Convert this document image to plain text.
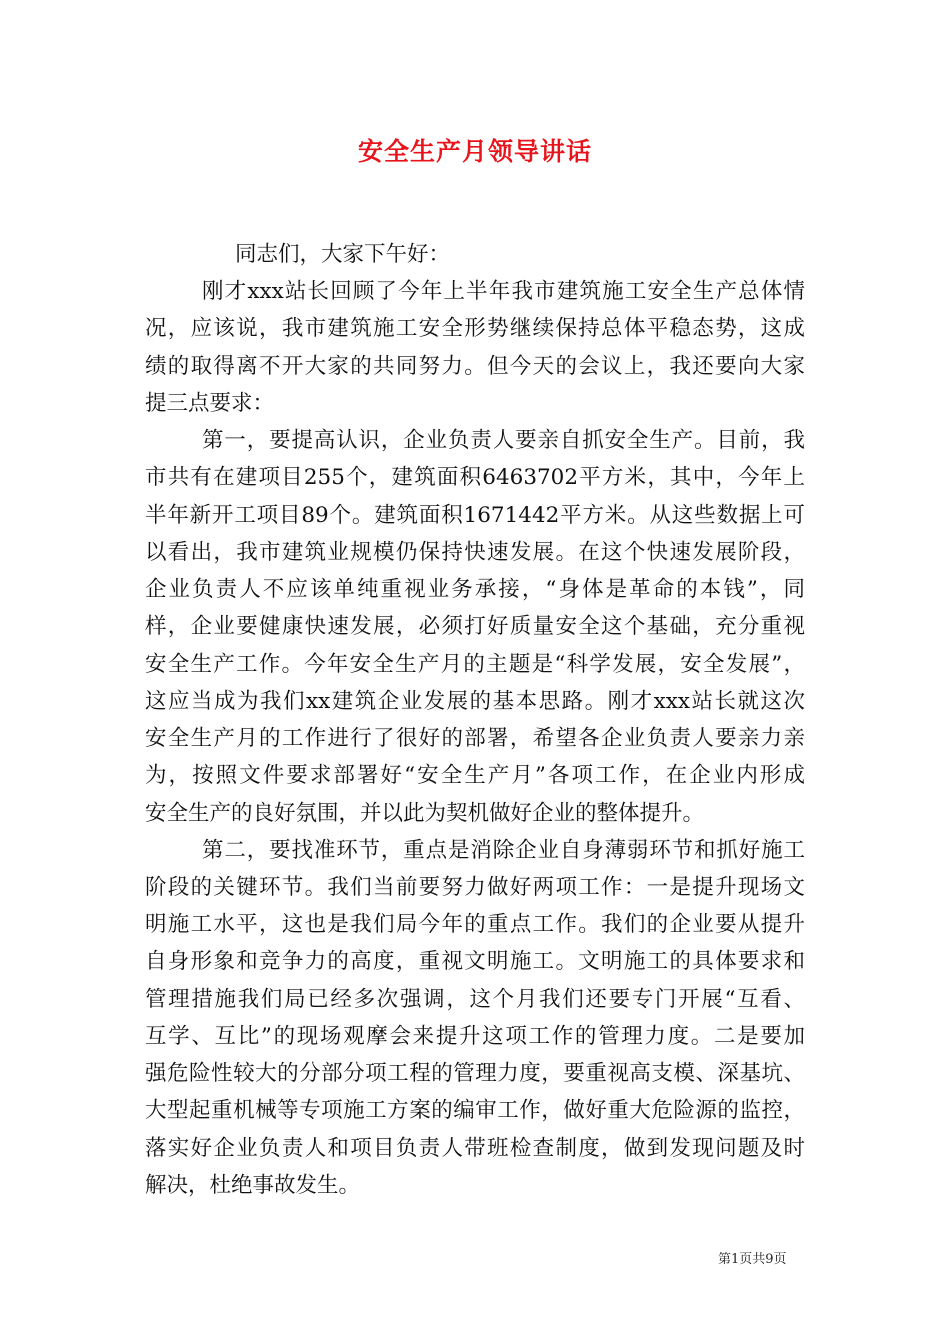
安全生产月领导讲话
同志们，大家下午好：
刚才xxx站长回顾了今年上半年我市建筑施工安全生产总体情
况，应该说，我市建筑施工安全形势继续保持总体平稳态势，这成
绩的取得离不开大家的共同努力。但今天的会议上，我还要向大家
提三点要求：
第一，要提高认识，企业负责人要亲自抓安全生产。目前，我
市共有在建项目255个，建筑面积6463702平方米，其中，今年上
半年新开工项目89个。建筑面积1671442平方米。从这些数据上可
以看出，我市建筑业规模仍保持快速发展。在这个快速发展阶段，
企业负责人不应该单纯重视业务承接，“身体是革命的本钱”，同
样，企业要健康快速发展，必须打好质量安全这个基础，充分重视
安全生产工作。今年安全生产月的主题是“科学发展，安全发展”，
这应当成为我们xx建筑企业发展的基本思路。刚才xxx站长就这次
安全生产月的工作进行了很好的部署，希望各企业负责人要亲力亲
为，按照文件要求部署好“安全生产月”各项工作，在企业内形成
安全生产的良好氛围，并以此为契机做好企业的整体提升。
第二，要找准环节，重点是消除企业自身薄弱环节和抓好施工
阶段的关键环节。我们当前要努力做好两项工作：一是提升现场文
明施工水平，这也是我们局今年的重点工作。我们的企业要从提升
自身形象和竞争力的高度，重视文明施工。文明施工的具体要求和
管理措施我们局已经多次强调，这个月我们还要专门开展“互看、
互学、互比”的现场观摩会来提升这项工作的管理力度。二是要加
强危险性较大的分部分项工程的管理力度，要重视高支模、深基坑、
大型起重机械等专项施工方案的编审工作，做好重大危险源的监控，
落实好企业负责人和项目负责人带班检查制度，做到发现问题及时
解决，杜绝事故发生。
第1页共9页
